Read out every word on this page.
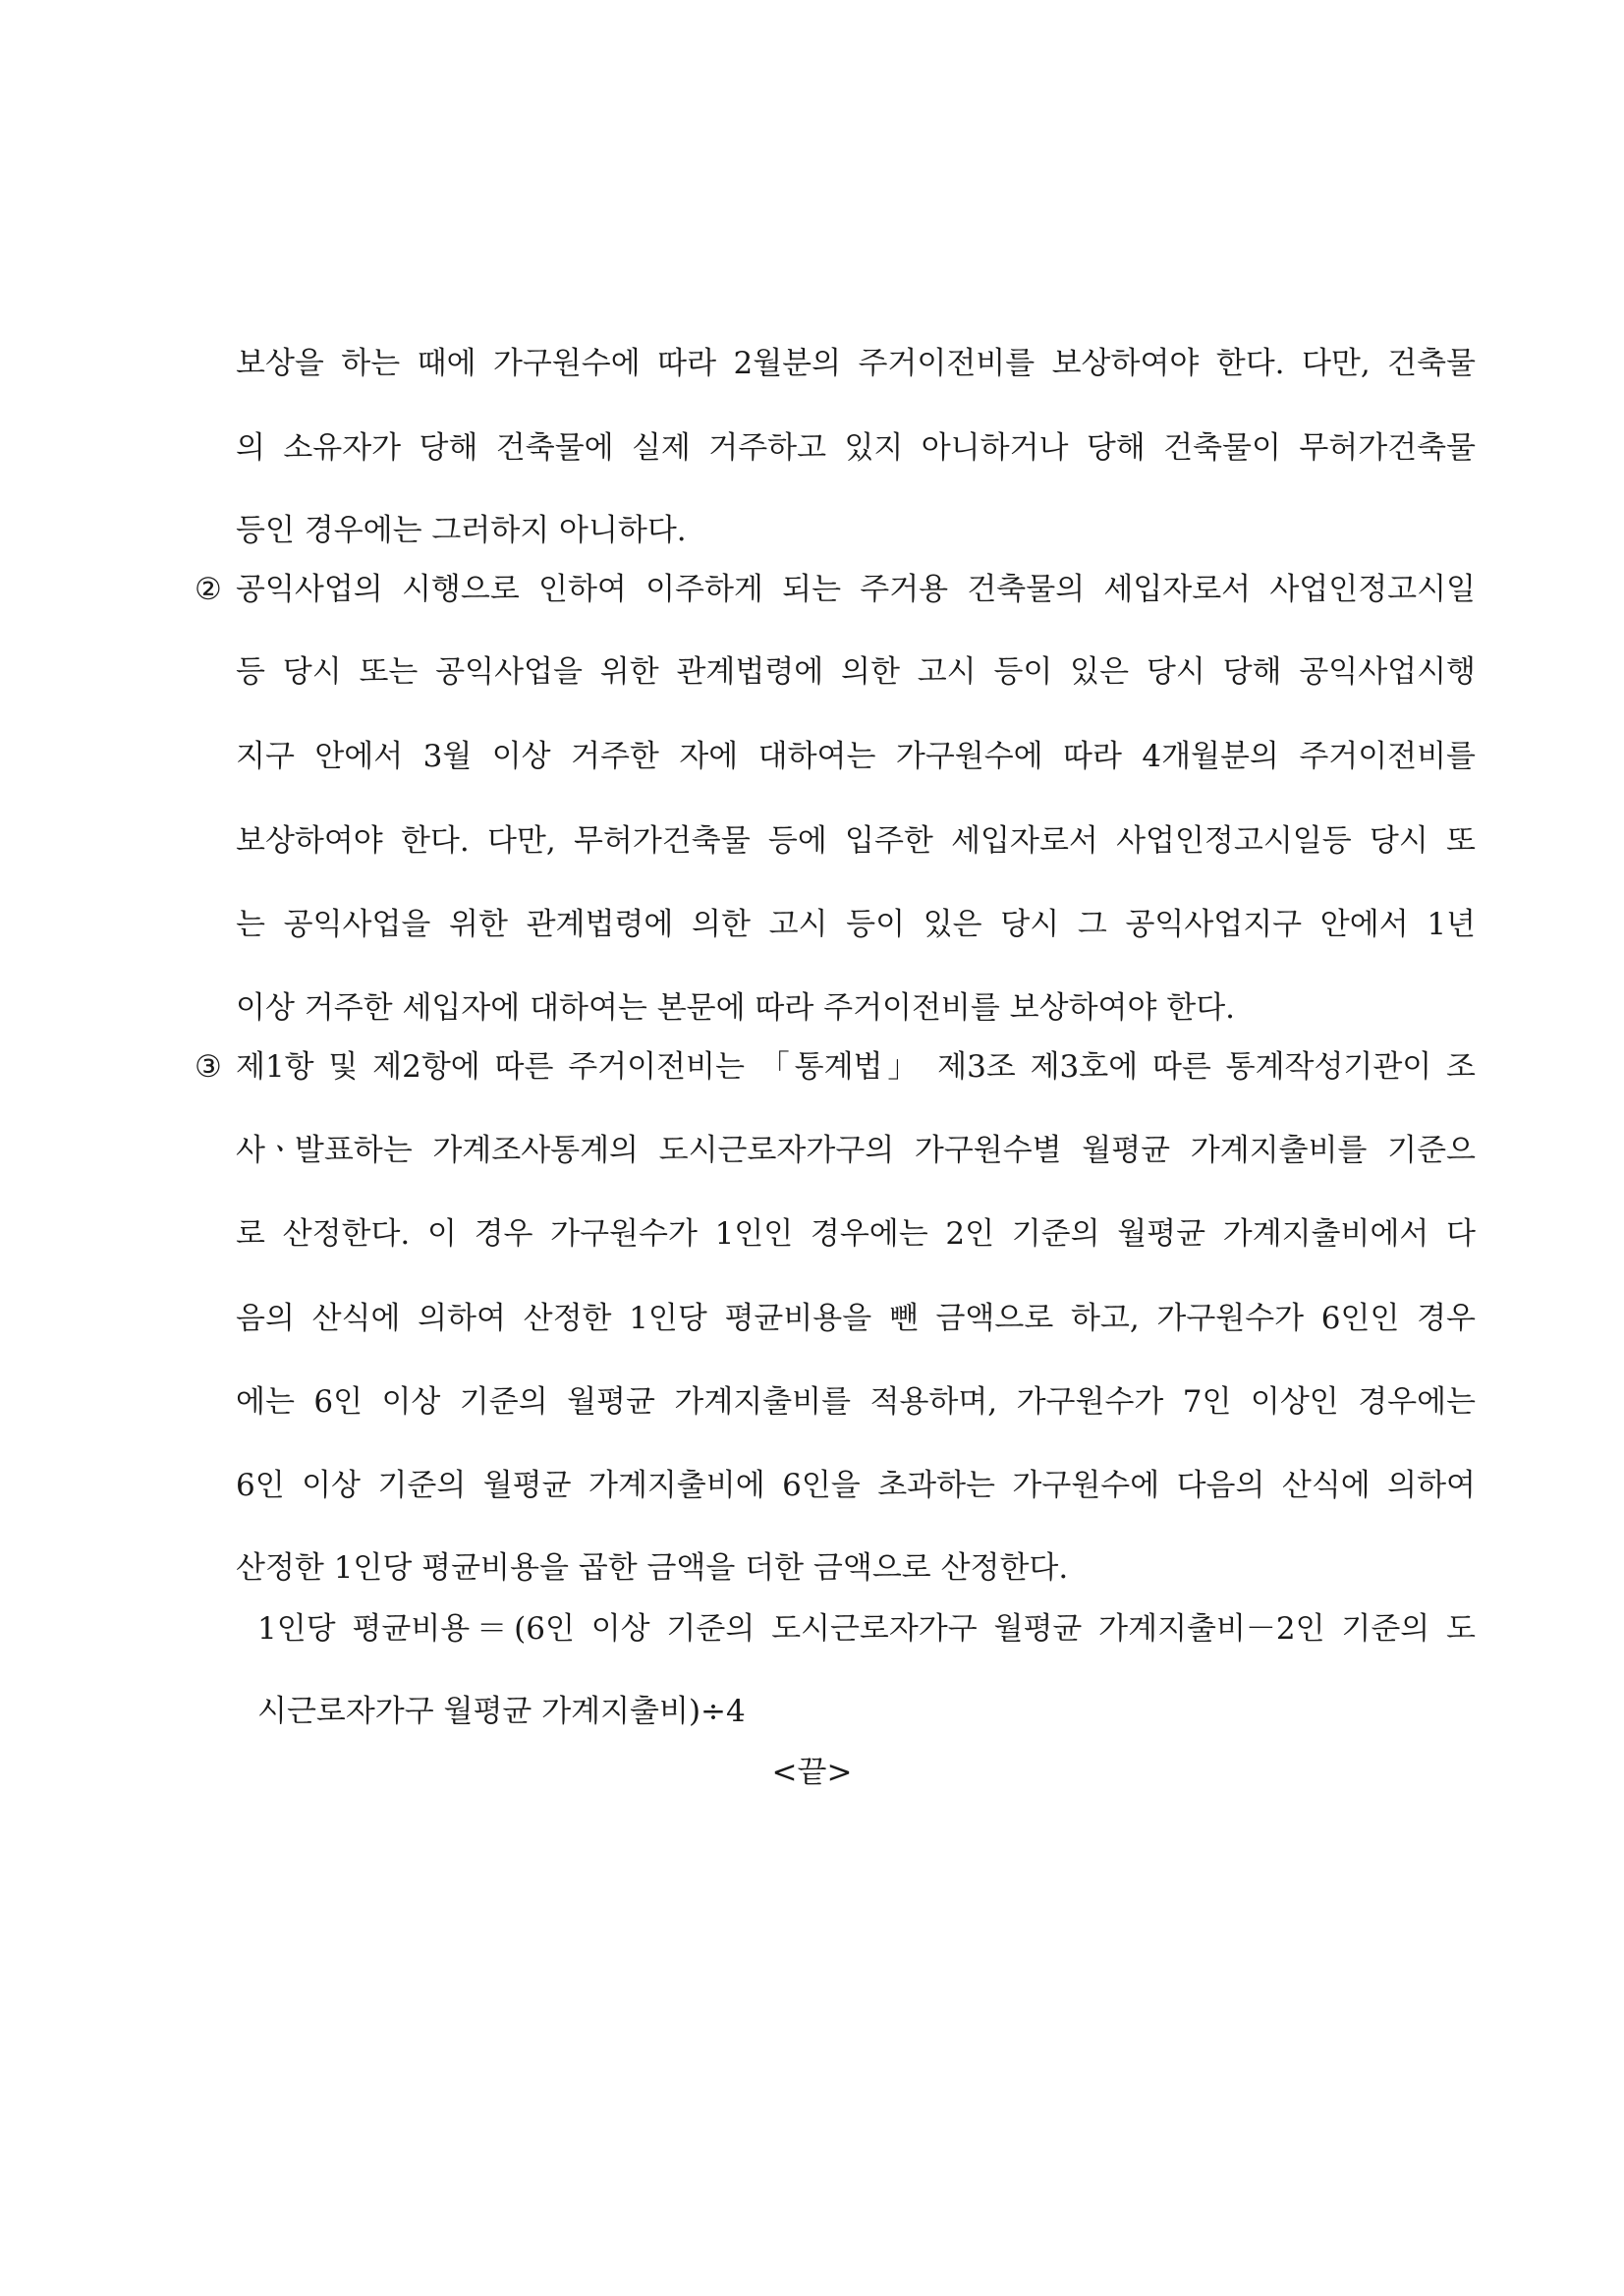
보상을 하는 때에 가구원수에 따라 2월분의 주거이전비를 보상하여야 한다. 다만, 건축물
의 소유자가 당해 건축물에 실제 거주하고 있지 아니하거나 당해 건축물이 무허가건축물
등인 경우에는 그러하지 아니하다.
② 공익사업의 시행으로 인하여 이주하게 되는 주거용 건축물의 세입자로서 사업인정고시일
등 당시 또는 공익사업을 위한 관계법령에 의한 고시 등이 있은 당시 당해 공익사업시행
지구 안에서 3월 이상 거주한 자에 대하여는 가구원수에 따라 4개월분의 주거이전비를
보상하여야 한다. 다만, 무허가건축물 등에 입주한 세입자로서 사업인정고시일등 당시 또
는 공익사업을 위한 관계법령에 의한 고시 등이 있은 당시 그 공익사업지구 안에서 1년
이상 거주한 세입자에 대하여는 본문에 따라 주거이전비를 보상하여야 한다.
③ 제1항 및 제2항에 따른 주거이전비는 「통계법」 제3조 제3호에 따른 통계작성기관이 조
사ㆍ발표하는 가계조사통계의 도시근로자가구의 가구원수별 월평균 가계지출비를 기준으
로 산정한다. 이 경우 가구원수가 1인인 경우에는 2인 기준의 월평균 가계지출비에서 다
음의 산식에 의하여 산정한 1인당 평균비용을 뺀 금액으로 하고, 가구원수가 6인인 경우
에는 6인 이상 기준의 월평균 가계지출비를 적용하며, 가구원수가 7인 이상인 경우에는
6인 이상 기준의 월평균 가계지출비에 6인을 초과하는 가구원수에 다음의 산식에 의하여
산정한 1인당 평균비용을 곱한 금액을 더한 금액으로 산정한다.
1인당 평균비용＝(6인 이상 기준의 도시근로자가구 월평균 가계지출비－2인 기준의 도
시근로자가구 월평균 가계지출비)÷4
<끝>
